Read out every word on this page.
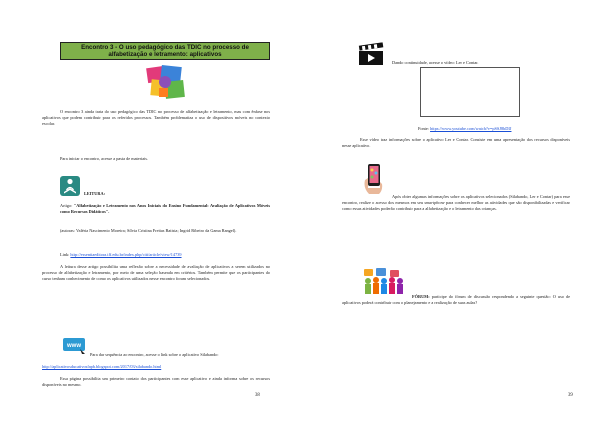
Encontro 3 - O uso pedagógico das TDIC no processo de alfabetização e letramento: aplicativos

O encontro 3 ainda trata do uso pedagógico das TDIC no processo de alfabetização e letramento, mas com ênfase nos aplicativos que podem contribuir para os referidos processos. Também problematiza o uso de dispositivos móveis no contexto escolar.

Para iniciar o encontro, acesse a pasta de materiais.

LEITURA:

Artigo: "Alfabetização e Letramento nos Anos Iniciais do Ensino Fundamental: Avaliação de Aplicativos Móveis como Recursos Didáticos".

(autoras: Valéria Nascimento Moreira; Sílvia Cristina Freitas Batista; Ingrid Ribeiro da Gama Rangel).

Link: http://essentiaeditora.iff.edu.br/index.php/citi/article/view/14739

A leitura desse artigo possibilita uma reflexão sobre a necessidade de avaliação de aplicativos a serem utilizados no processo de alfabetização e letramento, por meio de uma seleção baseada em critérios. Também permite que os participantes do curso tenham conhecimento de como os aplicativos utilizados nesse encontro foram selecionados.

www

Para dar sequência ao encontro, acesse o link sobre o aplicativo Silabando:

http://aplicativosducativosfapb.blogspot.com/2017/03/silabando.html

Essa página possibilita um primeiro contato dos participantes com esse aplicativo e ainda informa sobre os recursos disponíveis no mesmo.

38

Dando continuidade, acesse o vídeo: Ler e Contar.

Fonte: https://www.youtube.com/watch?v=pSSJ8bDIJ

Esse vídeo traz informações sobre o aplicativo Ler e Contar. Consiste em uma apresentação dos recursos disponíveis nesse aplicativo.

Após obter algumas informações sobre os aplicativos selecionados (Silabando, Ler e Contar) para esse encontro, realize o acesso dos mesmos em seu smartphone para conhecer melhor as atividades que são disponibilizadas e verificar como essas atividades poderão contribuir para a alfabetização e o letramento das crianças.

FÓRUM: participe do fórum de discussão respondendo a seguinte questão: O uso de aplicativos poderá contribuir com o planejamento e a realização de suas aulas?

39
